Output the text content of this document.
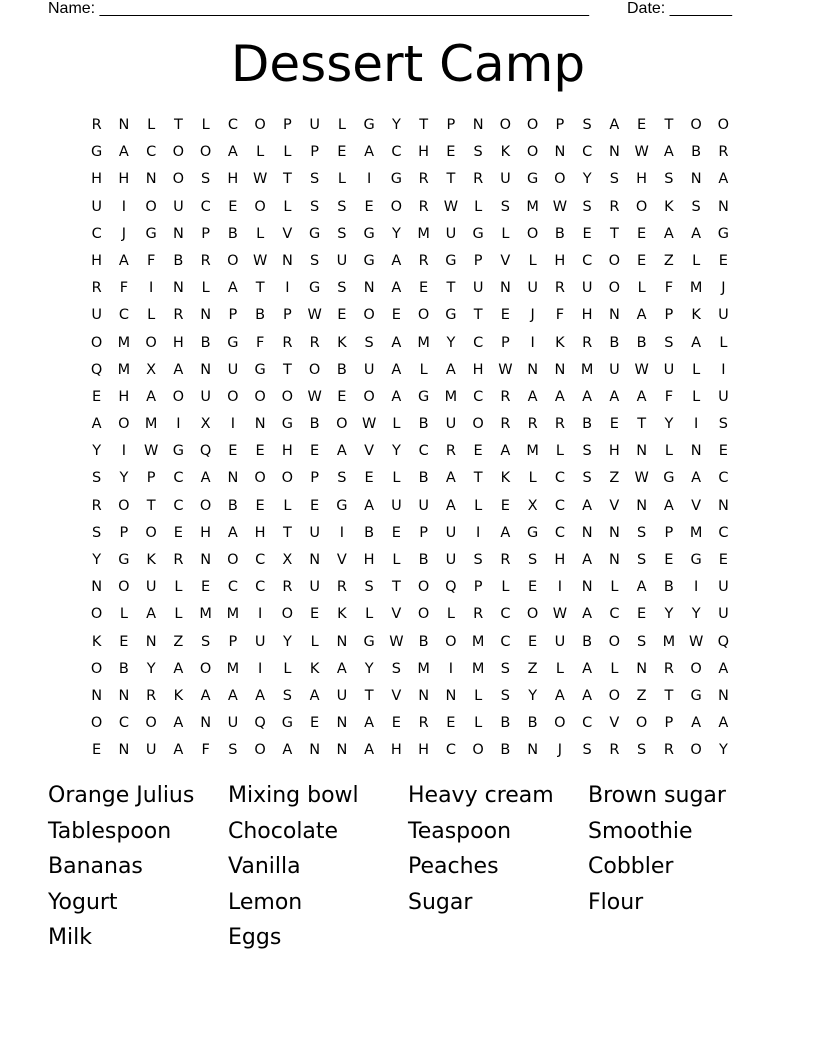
Name: _______________________________________________________ Date: _______
Dessert Camp
R	N	L	T	L	C	O	P	U	L	G	Y	T	P	N	O	O	P	S	A	E	T	O	O
G	A	C	O	O	A	L	L	P	E	A	C	H	E	S	K	O	N	C	N	W	A	B	R
H	H	N	O	S	H	W	T	S	L	I	G	R	T	R	U	G	O	Y	S	H	S	N	A
U	I	O	U	C	E	O	L	S	S	E	O	R	W	L	S	M W	S	R	O	K	S	N
C	J	G	N	P	B	L	V	G	S	G	Y	M	U	G	L	O	B	E	T	E	A	A	G
H	A	F	B	R	O W	N	S	U	G	A	R	G	P	V	L	H	C	O	E	Z	L	E
R	F	I	N	L	A	T	I	G	S	N	A	E	T	U	N	U	R	U	O	L	F	M	J
U	C	L	R	N	P	B	P	W	E	O	E	O	G	T	E	J	F	H	N	A	P	K	U
O	M	O	H	B	G	F	R	R	K	S	A	M	Y	C	P	I	K	R	B	B	S	A	L
Q	M	X	A	N	U	G	T	O	B	U	A	L	A	H	W	N	N	M	U	W	U	L	I
E	H	A	O	U	O	O	O W	E	O	A	G	M	C	R	A	A	A	A	A	F	L	U
A	O	M	I	X	I	N	G	B	O W	L	B	U	O	R	R	R	B	E	T	Y	I	S
Y	I	W G	Q	E	E	H	E	A	V	Y	C	R	E	A	M	L	S	H	N	L	N	E
S	Y	P	C	A	N	O	O	P	S	E	L	B	A	T	K	L	C	S	Z	W G	A	C
R	O	T	C	O	B	E	L	E	G	A	U	U	A	L	E	X	C	A	V	N	A	V	N
S	P	O	E	H	A	H	T	U	I	B	E	P	U	I	A	G	C	N	N	S	P	M	C
Y	G	K	R	N	O	C	X	N	V	H	L	B	U	S	R	S	H	A	N	S	E	G	E
N	O	U	L	E	C	C	R	U	R	S	T	O	Q	P	L	E	I	N	L	A	B	I	U
O	L	A	L	M	M	I	O	E	K	L	V	O	L	R	C	O W	A	C	E	Y	Y	U
K	E	N	Z	S	P	U	Y	L	N	G W	B	O	M	C	E	U	B	O	S	M W Q
O	B	Y	A	O	M	I	L	K	A	Y	S	M	I	M	S	Z	L	A	L	N	R	O	A
N	N	R	K	A	A	A	S	A	U	T	V	N	N	L	S	Y	A	A	O	Z	T	G	N
O	C	O	A	N	U	Q	G	E	N	A	E	R	E	L	B	B	O	C	V	O	P	A	A
E	N	U	A	F	S	O	A	N	N	A	H	H	C	O	B	N	J	S	R	S	R	O	Y
Orange Julius	Mixing bowl	Heavy cream	Brown sugar
Tablespoon	Chocolate	Teaspoon	Smoothie
Bananas	Vanilla	Peaches	Cobbler
Yogurt	Lemon	Sugar	Flour
Milk	Eggs
